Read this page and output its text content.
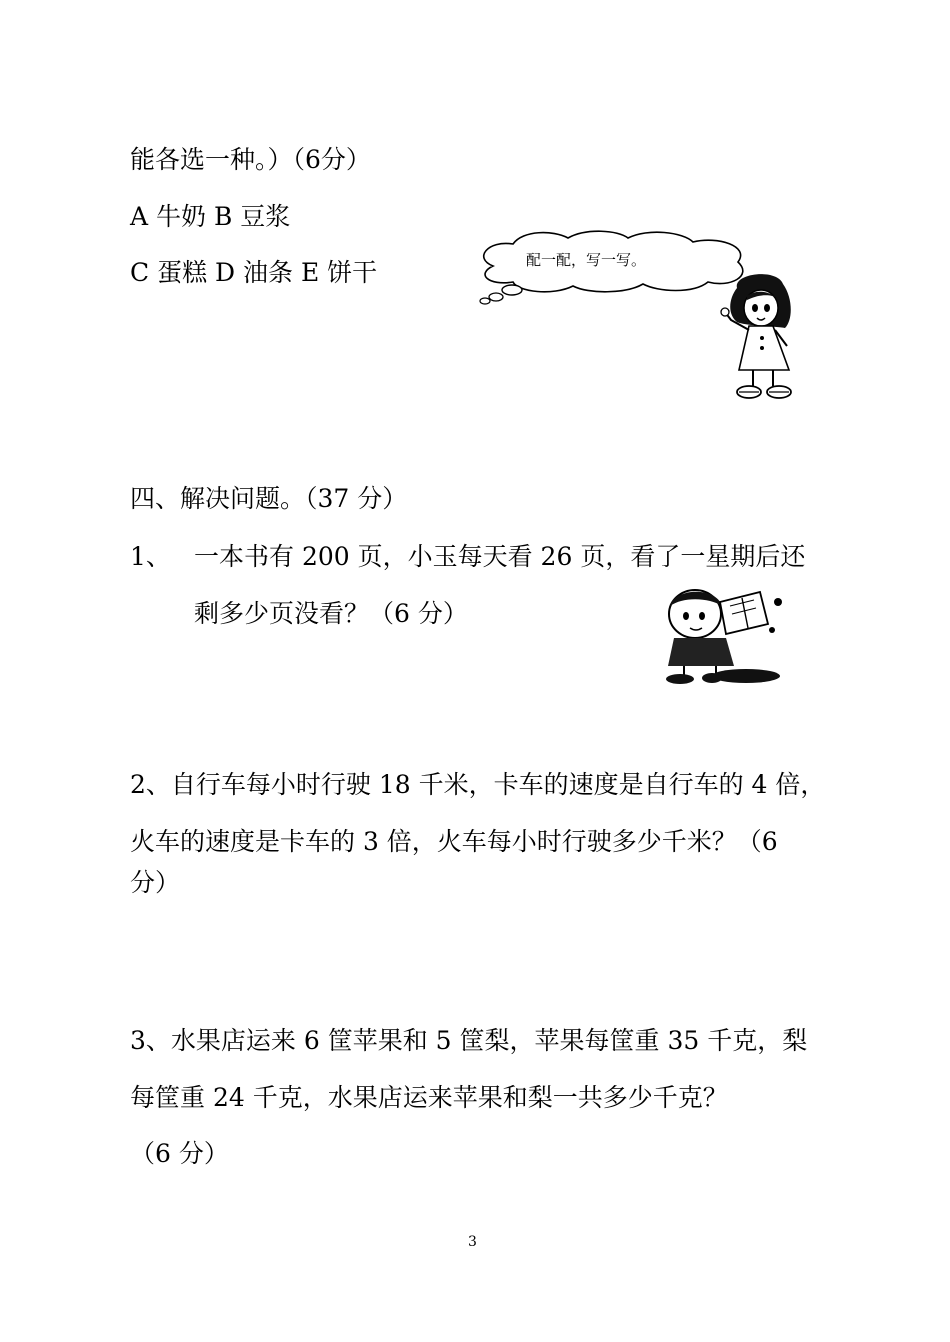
能各选一种。）（6分）
A 牛奶 B 豆浆
C 蛋糕 D 油条 E 饼干	配一配，写一写。
四、解决问题。（37 分）
1、 一本书有 200 页，小玉每天看 26 页，看了一星期后还
剩多少页没看？（6 分）
2、自行车每小时行驶 18 千米，卡车的速度是自行车的 4 倍，
火车的速度是卡车的 3 倍，火车每小时行驶多少千米？（6
分）
3、水果店运来 6 筐苹果和 5 筐梨，苹果每筐重 35 千克，梨
每筐重 24 千克，水果店运来苹果和梨一共多少千克？
（6 分）
3
